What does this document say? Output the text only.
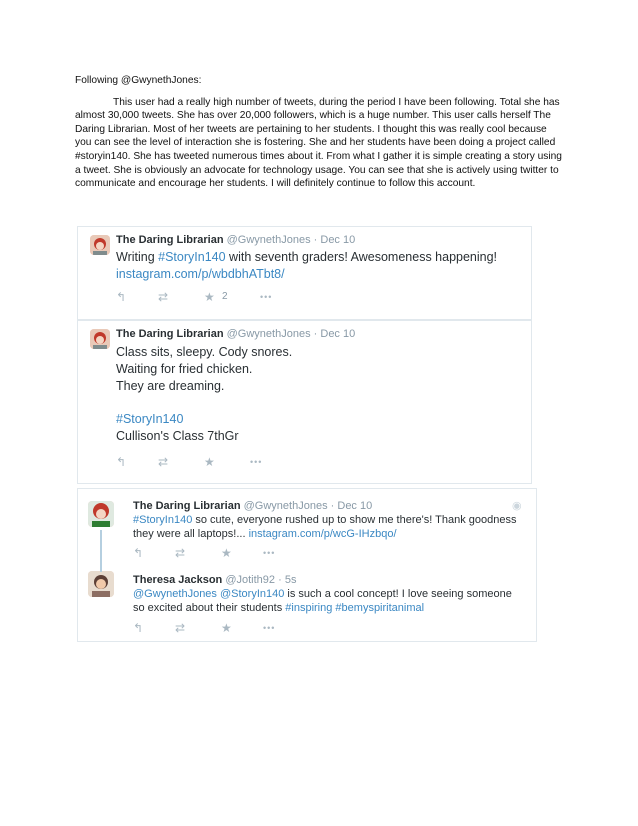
Following @GwynethJones:

This user had a really high number of tweets, during the period I have been following. Total she has almost 30,000 tweets. She has over 20,000 followers, which is a huge number. This user calls herself The Daring Librarian. Most of her tweets are pertaining to her students. I thought this was really cool because you can see the level of interaction she is fostering. She and her students have been doing a project called #storyin140. She has tweeted numerous times about it. From what I gather it is simple creating a story using a tweet. She is obviously an advocate for technology usage. You can see that she is actively using twitter to communicate and encourage her students. I will definitely continue to follow this account.

The Daring Librarian @GwynethJones · Dec 10
Writing #StoryIn140 with seventh graders! Awesomeness happening!
instagram.com/p/wbdbhATbt8/
↰	⇄	★ 2	•••
The Daring Librarian @GwynethJones · Dec 10
Class sits, sleepy. Cody snores.
Waiting for fried chicken.
They are dreaming.
#StoryIn140
Cullison's Class 7thGr
↰	⇄	★	•••
◉
The Daring Librarian @GwynethJones · Dec 10
#StoryIn140 so cute, everyone rushed up to show me there's! Thank goodness
they were all laptops!... instagram.com/p/wcG-IHzbqo/
↰	⇄	★	•••
Theresa Jackson @Jotith92 · 5s
@GwynethJones @StoryIn140 is such a cool concept! I love seeing someone
so excited about their students #inspiring #bemyspiritanimal
↰	⇄	★	•••
